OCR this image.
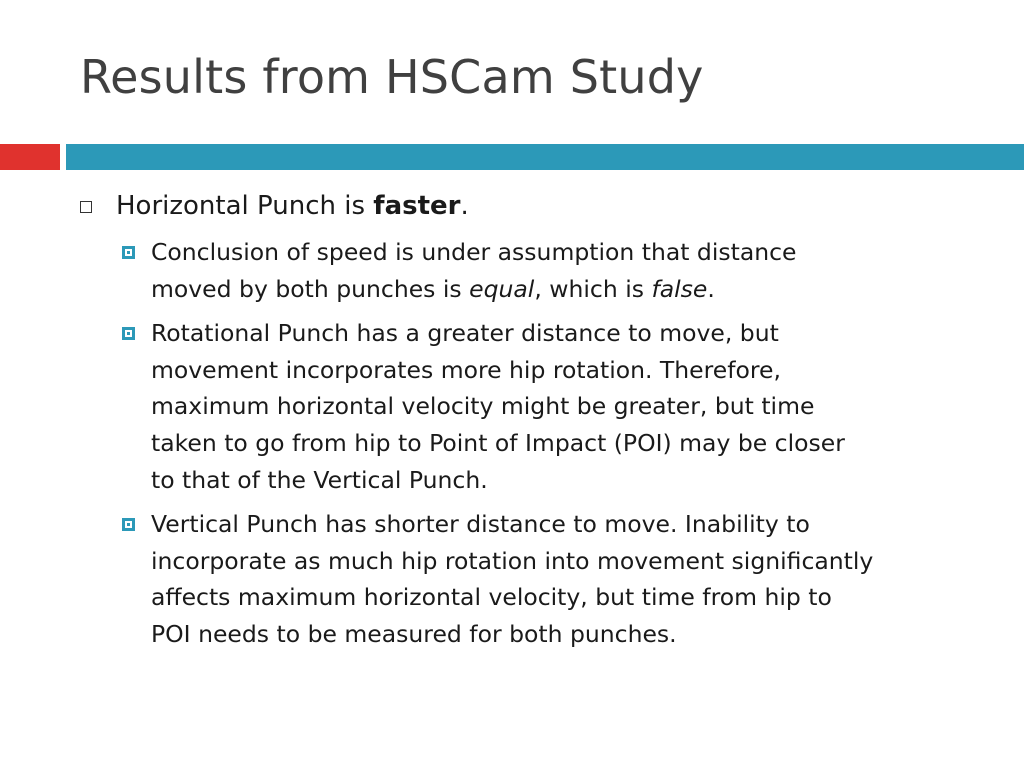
Results from HSCam Study
Horizontal Punch is faster.
Conclusion of speed is under assumption that distance
moved by both punches is equal, which is false.
Rotational Punch has a greater distance to move, but
movement incorporates more hip rotation. Therefore,
maximum horizontal velocity might be greater, but time
taken to go from hip to Point of Impact (POI) may be closer
to that of the Vertical Punch.
Vertical Punch has shorter distance to move. Inability to
incorporate as much hip rotation into movement significantly
affects maximum horizontal velocity, but time from hip to
POI needs to be measured for both punches.
